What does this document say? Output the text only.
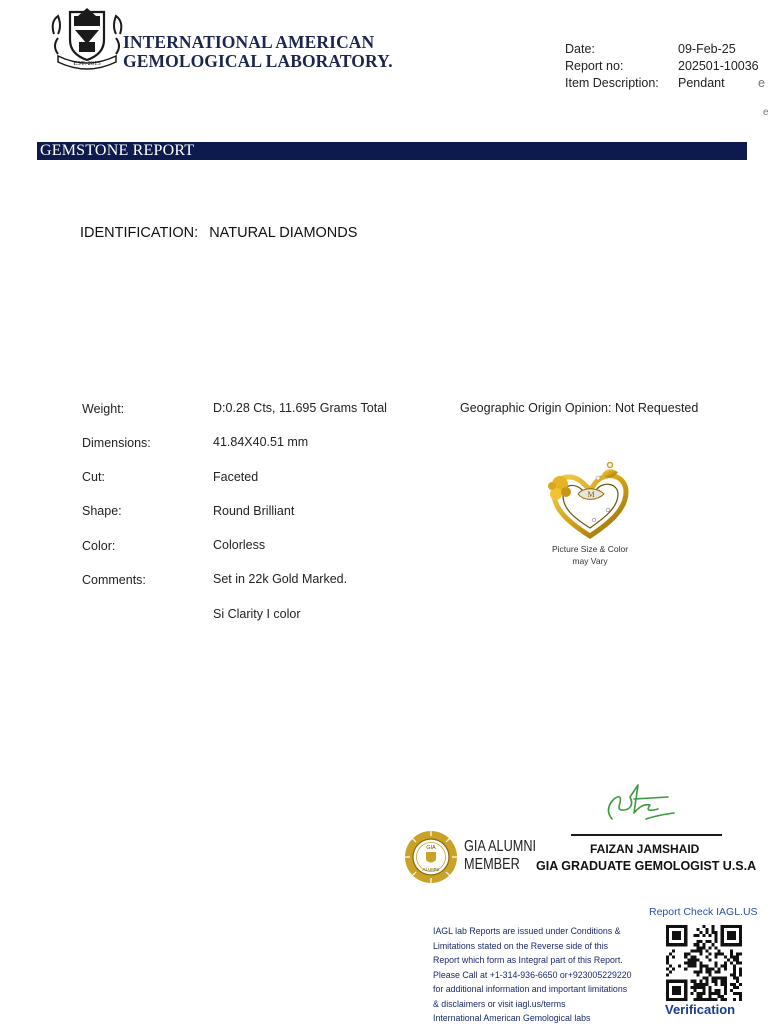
EST. 2015
INTERNATIONAL AMERICAN
GEMOLOGICAL LABORATORY.
Date:	09-Feb-25
Report no:	202501-10036
Item Description:	Pendant	e
e
GEMSTONE REPORT
IDENTIFICATION: NATURAL DIAMONDS
Weight:	D:0.28 Cts, 11.695 Grams Total
Dimensions:	41.84X40.51 mm
Cut:	Faceted
Shape:	Round Brilliant
Color:	Colorless
Comments:	Set in 22k Gold Marked.
Si Clarity I color
Geographic Origin Opinion: Not Requested
M
Picture Size & Color
may Vary
FAIZAN JAMSHAID
GIA GRADUATE GEMOLOGIST U.S.A
GIA
ALUMNI
GIA ALUMNI
MEMBER
IAGL lab Reports are issued under Conditions &
Limitations stated on the Reverse side of this
Report which form as Integral part of this Report.
Please Call at +1-314-936-6650 or+923005229220
for additional information and important limitations
& disclaimers or visit iagl.us/terms
International American Gemological labs
Report Check IAGL.US
Verification
